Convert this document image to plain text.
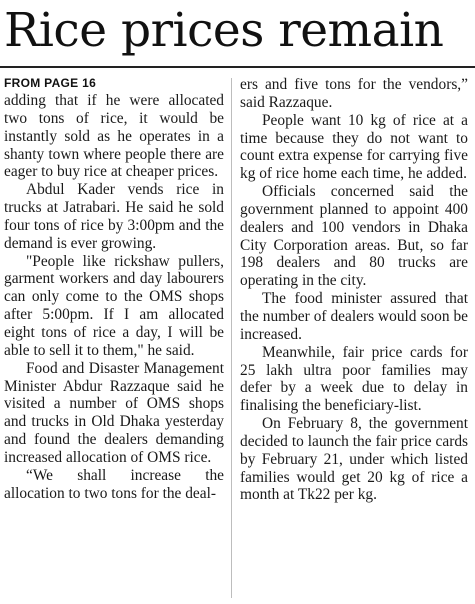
Rice prices remain
FROM PAGE 16

adding that if he were allocated two tons of rice, it would be instantly sold as he operates in a shanty town where people there are eager to buy rice at cheaper prices.

Abdul Kader vends rice in trucks at Jatrabari. He said he sold four tons of rice by 3:00pm and the demand is ever growing.

"People like rickshaw pullers, garment workers and day labourers can only come to the OMS shops after 5:00pm. If I am allocated eight tons of rice a day, I will be able to sell it to them," he said.

Food and Disaster Management Minister Abdur Razzaque said he visited a number of OMS shops and trucks in Old Dhaka yesterday and found the dealers demanding increased allocation of OMS rice.

“We shall increase the allocation to two tons for the deal-

ers and five tons for the vendors,” said Razzaque.

People want 10 kg of rice at a time because they do not want to count extra expense for carrying five kg of rice home each time, he added.

Officials concerned said the government planned to appoint 400 dealers and 100 vendors in Dhaka City Corporation areas. But, so far 198 dealers and 80 trucks are operating in the city.

The food minister assured that the number of dealers would soon be increased.

Meanwhile, fair price cards for 25 lakh ultra poor families may defer by a week due to delay in finalising the beneficiary-list.

On February 8, the government decided to launch the fair price cards by February 21, under which listed families would get 20 kg of rice a month at Tk22 per kg.
